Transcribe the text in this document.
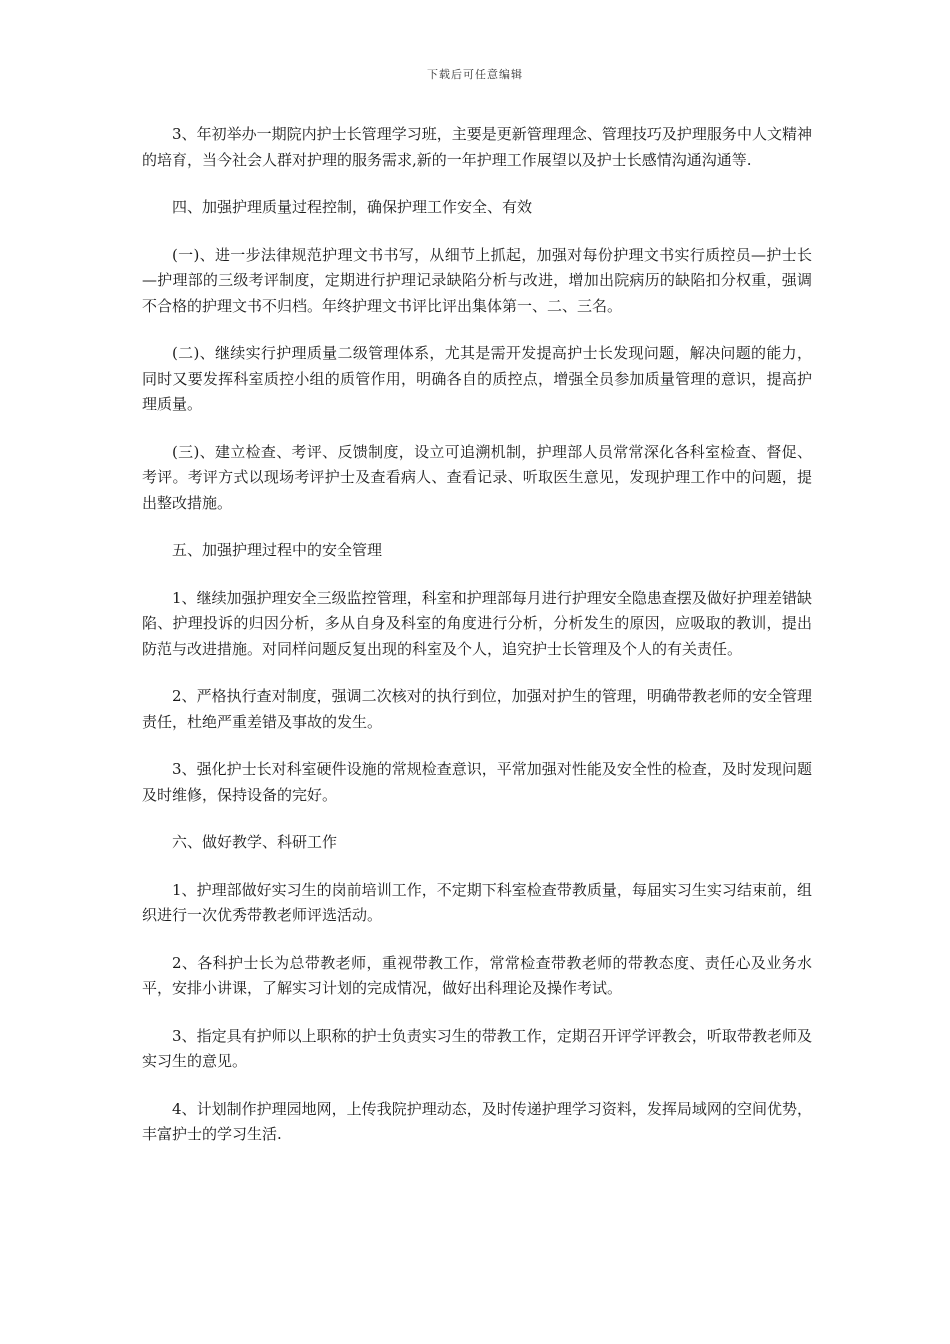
下载后可任意编辑

3、年初举办一期院内护士长管理学习班，主要是更新管理理念、管理技巧及护理服务中人文精神的培育，当今社会人群对护理的服务需求,新的一年护理工作展望以及护士长感情沟通沟通等.

四、加强护理质量过程控制，确保护理工作安全、有效

(一)、进一步法律规范护理文书书写，从细节上抓起，加强对每份护理文书实行质控员—护士长—护理部的三级考评制度，定期进行护理记录缺陷分析与改进，增加出院病历的缺陷扣分权重，强调不合格的护理文书不归档。年终护理文书评比评出集体第一、二、三名。

(二)、继续实行护理质量二级管理体系，尤其是需开发提高护士长发现问题，解决问题的能力，同时又要发挥科室质控小组的质管作用，明确各自的质控点，增强全员参加质量管理的意识，提高护理质量。

(三)、建立检查、考评、反馈制度，设立可追溯机制，护理部人员常常深化各科室检查、督促、考评。考评方式以现场考评护士及查看病人、查看记录、听取医生意见，发现护理工作中的问题，提出整改措施。

五、加强护理过程中的安全管理

1、继续加强护理安全三级监控管理，科室和护理部每月进行护理安全隐患查摆及做好护理差错缺陷、护理投诉的归因分析，多从自身及科室的角度进行分析，分析发生的原因，应吸取的教训，提出防范与改进措施。对同样问题反复出现的科室及个人，追究护士长管理及个人的有关责任。

2、严格执行查对制度，强调二次核对的执行到位，加强对护生的管理，明确带教老师的安全管理责任，杜绝严重差错及事故的发生。

3、强化护士长对科室硬件设施的常规检查意识，平常加强对性能及安全性的检查，及时发现问题及时维修，保持设备的完好。

六、做好教学、科研工作

1、护理部做好实习生的岗前培训工作，不定期下科室检查带教质量，每届实习生实习结束前，组织进行一次优秀带教老师评选活动。

2、各科护士长为总带教老师，重视带教工作，常常检查带教老师的带教态度、责任心及业务水平，安排小讲课，了解实习计划的完成情况，做好出科理论及操作考试。

3、指定具有护师以上职称的护士负责实习生的带教工作，定期召开评学评教会，听取带教老师及实习生的意见。

4、计划制作护理园地网，上传我院护理动态，及时传递护理学习资料，发挥局域网的空间优势，丰富护士的学习生活.
